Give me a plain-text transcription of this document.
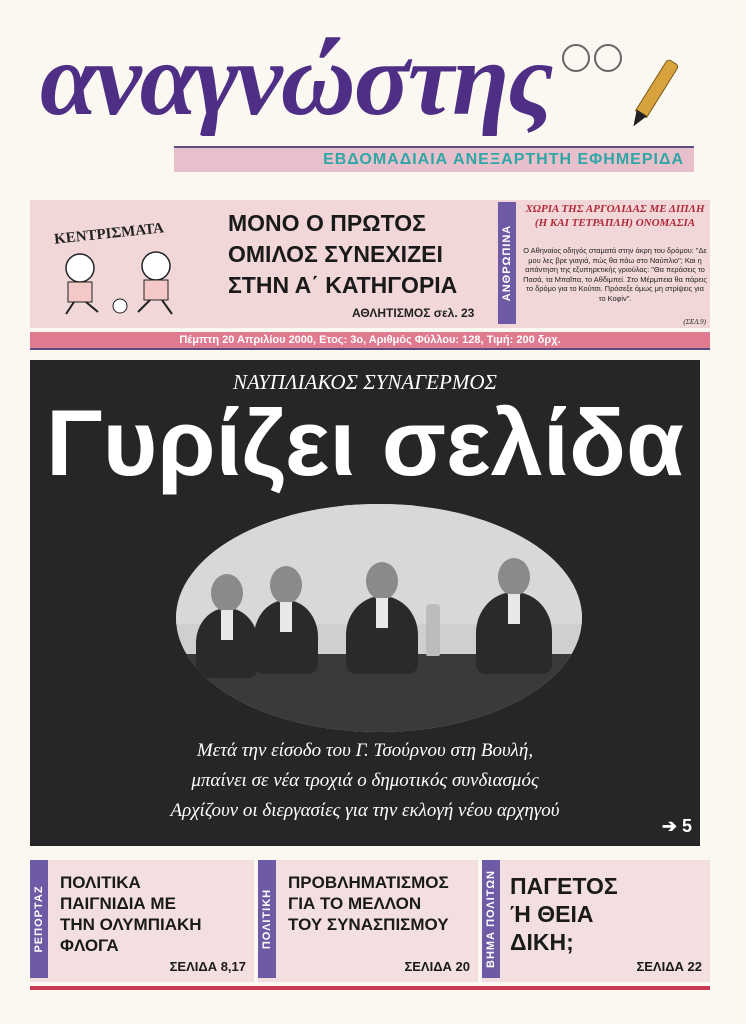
αναγνώστης
ΕΒΔΟΜΑΔΙΑΙΑ ΑΝΕΞΑΡΤΗΤΗ ΕΦΗΜΕΡΙΔΑ
ΚΕΝΤΡΙΣΜΑΤΑ	ΜΟΝΟ Ο ΠΡΩΤΟΣ
ΟΜΙΛΟΣ ΣΥΝΕΧΙΖΕΙ
ΣΤΗΝ Α΄ ΚΑΤΗΓΟΡΙΑ
ΑΘΛΗΤΙΣΜΟΣ σελ. 23
ΑΝΘΡΩΠΙΝΑ
ΧΩΡΙΑ ΤΗΣ ΑΡΓΟΛΙΔΑΣ ΜΕ ΔΙΠΛΗ (Η ΚΑΙ ΤΕΤΡΑΠΛΗ) ΟΝΟΜΑΣΙΑ
Ο Αθηναίος οδηγός σταματά στην άκρη του δρόμου: "Δε μου λες βρε γιαγιά, πώς θα πάω στο Ναύπλιο"; Και η απάντηση της εξυπηρετικής γριούλας: "Θα περάσεις το Πασά, τα Μπαΐπα, το Αθδιμπεί. Στο Μέρμπεια θα πάρεις το δρόμο για το Κούτσι. Πρόσεξε όμως μη στρίψεις για το Κοφίν".
(ΣΕΛ.9)
Πέμπτη 20 Απριλίου 2000, Ετος: 3ο, Αριθμός Φύλλου: 128, Τιμή: 200 δρχ.
ΝΑΥΠΛΙΑΚΟΣ ΣΥΝΑΓΕΡΜΟΣ
Γυρίζει σελίδα
Μετά την είσοδο του Γ. Τσούρνου στη Βουλή,
μπαίνει σε νέα τροχιά ο δημοτικός συνδιασμός
Αρχίζουν οι διεργασίες για την εκλογή νέου αρχηγού
➔ 5
ΡΕΠΟΡΤΑΖ
ΠΟΛΙΤΙΚΑ
ΠΑΙΓΝΙΔΙΑ ΜΕ
ΤΗΝ ΟΛΥΜΠΙΑΚΗ
ΦΛΟΓΑ
ΣΕΛΙΔΑ 8,17
ΠΟΛΙΤΙΚΗ
ΠΡΟΒΛΗΜΑΤΙΣΜΟΣ
ΓΙΑ ΤΟ ΜΕΛΛΟΝ
ΤΟΥ ΣΥΝΑΣΠΙΣΜΟΥ
ΣΕΛΙΔΑ 20 ΒΗΜΑ ΠΟΛΙΤΩΝ ΠΑΓΕΤΟΣ
Ή ΘΕΙΑ
ΔΙΚΗ;
ΣΕΛΙΔΑ 22
